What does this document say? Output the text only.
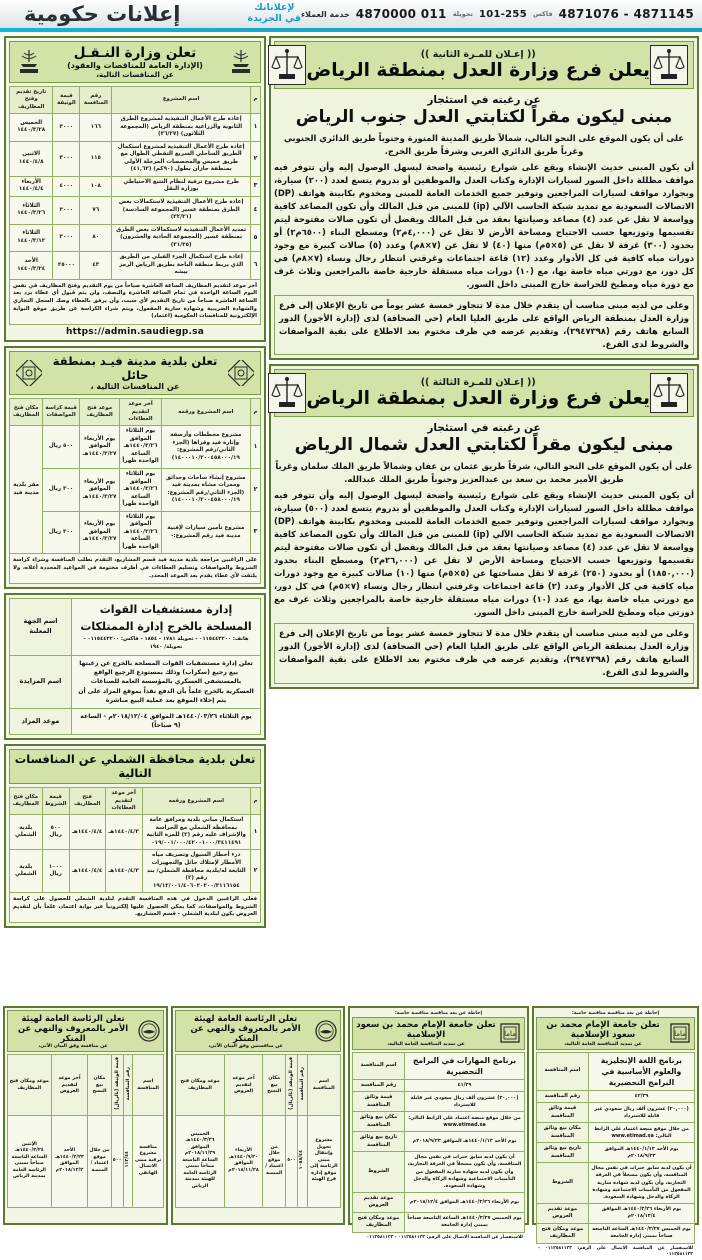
4871145 - 4871076
فاكس
101-255
تحويلة
011 4870000
خدمة العملاء
لإعلاناتك
في الجريدة
إعلانات حكومية
(( إعـلان للمـرة الثانية ))
يعلن فرع وزارة العدل بمنطقة الرياض
عن رغبته في استئجار
مبنى ليكون مقراً لكتابتي العدل جنوب الرياض

على أن يكون الموقع على النحو التالي، شمالاً طريق المدينة المنورة وجنوباً طريق الدائري الجنوبي وغرباً طريق الدائري الغربي وشرقاً طريق الخرج.

أن يكون المبنى حديث الإنشاء ويقع على شوارع رئيسية واضحة ليسهل الوصول إليه وأن تتوفر فيه مواقف مظللة داخل السور لسيارات الإدارة وكتاب العدل والموظفين أو بدروم يتسع لعدد (٢٠٠) سيارة، وبجوارد مواقف لسيارات المراجعين وتوفير جميع الخدمات العامة للمبنى ومخدوم بكابينة هواتف (DP) الاتصالات السعودية مع تمديد شبكة الحاسب الآلي (ip) للمبنى من قبل المالك وأن تكون المصاعد كافية وواسعة لا تقل عن عدد (٤) مصاعد وصيانتها بعقد من قبل المالك ويفضل أن تكون صالات مفتوحة ليتم تقسيمها وتوزيعها حسب الاحتياج ومساحة الأرض لا تقل عن (٤,٠٠٠م٢) ومسطح البناء (٦٥٠٠م٢) أو بحدود (٣٠٠) غرفة لا تقل عن (٥×٥م) منها (٤٠) لا تقل عن (٧×٨م) وعدد (٥) صالات كبيرة مع وجود دورات مياه كافية في كل الأدوار وعدد (١٢) قاعة اجتماعات وغرفتي انتظار رجال ونساء (٧×٨م) في كل دور، مع دورتي مياه خاصة بها، مع (١٠) دورات مياه مستقلة خارجية خاصة بالمراجعين وثلاث غرف مع دورة مياه ومطبخ للحراسة خارج المبنى داخل السور.

وعلى من لديه مبنى مناسب أن يتقدم خلال مدة لا تتجاوز خمسة عشر يوماً من تاريخ الإعلان إلى فرع وزارة العدل بمنطقة الرياض الواقع على طريق العليا العام (حي الصحافة) لدى (إدارة الأجور) الدور السابع هاتف رقم (٢٩٤٧٣٩٨)، وتقديم عرضه في ظرف مختوم بعد الاطلاع على بقية المواصفات والشروط لدى الفرع.
(( إعـلان للمـرة الثالثة ))
يعلن فرع وزارة العدل بمنطقة الرياض
عن رغبته في استئجار
مبنى ليكون مقراً لكتابتي العدل شمال الرياض

على أن يكون الموقع على النحو التالي، شرقاً طريق عثمان بن عفان وشمالاً طريق الملك سلمان وغرباً طريق الأمير محمد بن سعد بن عبدالعزيز وجنوباً طريق الملك عبدالله.

أن يكون المبنى حديث الإنشاء ويقع على شوارع رئيسية واضحة ليسهل الوصول إليه وأن تتوفر فيه مواقف مظللة داخل السور لسيارات الإدارة وكتاب العدل والموظفين أو بدروم يتسع لعدد (٥٠٠) سيارة، وبجوارد مواقف لسيارات المراجعين وتوفير جميع الخدمات العامة للمبنى ومخدوم بكابينة هواتف (DP) الاتصالات السعودية مع تمديد شبكة الحاسب الآلي (ip) للمبنى من قبل المالك وأن تكون المصاعد كافية وواسعة لا تقل عن عدد (٤) مصاعد وصيانتها بعقد من قبل المالك ويفضل أن تكون صالات مفتوحة ليتم تقسيمها وتوزيعها حسب الاحتياج ومساحة الأرض لا تقل عن (٢٦,٠٠٠م٢) ومسطح البناء بحدود (١٨٥٠,٠٠٠) أو بحدود (٢٥٠) غرفة لا تقل مساحتها عن (٥×٥م) منها (١٠) صالات كبيرة مع وجود دورات مياه كافية في كل الأدوار وعدد (٢) قاعة اجتماعات وغرفتي انتظار رجال ونساء (٧×٥م) في كل دور، مع دورتي مياه خاصة بها، مع عدد (١٠) دورات مياه مستقلة خارجية خاصة بالمراجعين وثلاث غرف مع دورتي مياه ومطبخ للحراسة خارج المبنى داخل السور.

وعلى من لديه مبنى مناسب أن يتقدم خلال مدة لا تتجاوز خمسة عشر يوماً من تاريخ الإعلان إلى فرع وزارة العدل بمنطقة الرياض الواقع على طريق العليا العام (حي الصحافة) لدى (إدارة الأجور) الدور السابع هاتف رقم (٢٩٤٧٣٩٨)، وتقديم عرضه في ظرف مختوم بعد الاطلاع على بقية المواصفات والشروط لدى الفرع.
تعلن وزارة النـقـل
(الإدارة العامة للمناقصات والعقود)
عن المنافسات التالية،
م	اسم المشروع	رقم المنافسة	قيمة الوثيقة	تاريخ تقديم وفتح المظاريف
١	إعادة طرح الأعمال التنفيذية لمشروع الطرق الثانوية والزراعية بمنطقة الرياض (المجموعة الثلاثون) (٣٦/٣٧)	١٦٦	٣٠٠٠	الخميس
١٤٤٠/٣/٢٨
٢	إعادة طرح الأعمال التنفيذية لمشروع استكمال الطريق الساحلي السريع التقطي الطوال مع طريق خميس والمخصصات المرحلة الأولى بمنطقة جازان بطول (٩٠كم) (٤١,٦٣)	١١٥	٣٠٠٠	الاثنين
١٤٤٠/٤/٨
٣	طرح مشروع ترقية لنظام التتبع الاحتياطي بوزارة النقل	١٠٨	٤٠٠٠	الأربعاء
١٤٤٠/٤/٤
٤	إعادة طرح الأعمال التنفيذية لاستكمالات بعض الطرق بمنطقة عسير (المجموعة السادسة) (٣٢/٣١)	٧٦	٣٠٠٠	الثلاثاء
١٤٤٠/٣/٢٦
٥	تمديد الأعمال التنفيذية لاستكمالات بعض الطرق بمنطقة عسير (المجموعة الحادية والعشرون) (٣١/٣٥)	٨٠	٣٠٠٠	الثلاثاء
١٤٤٠/٣/١٢
٦	إعادة طرح استكمال الجزء القبلي من الطريق الذي يربط منطقة الباحة بطريق الرياض الرمز بيشه	٤٣	٢٥٠٠٠	الأحد
١٤٤٠/٣/٢٤
آخر موعد لتقديم المظاريف الساعة العاشرة صباحاً من يوم التقديم وفتح المظاريف في نفس اليوم الساعة الواحدة في تمام الساعة العاشرة والنصف، ولن يتم قبول أي عطاء يرد بعد الساعة العاشرة صباحاً من تاريخ التقديم لأي سبب، وأن يرفق بالعطاء وصك السجل التجاري والشهادة الضريبية وشهادة سارية المفعول، ويتم شراء الكراسة عن طريق موقع البوابة الإلكترونية للمنافسات الحكومية (اعتماد)
https://admin.saudiegp.sa
تعلن بلدية مدينة فيـد بمنطقة حائل
عن المنافسات التالية ،
م	اسم المشروع ورقمه	آخر موعد لتقديم العطاءات	موعد فتح المظاريف	قيمة كراسة المواصفات	مكان فتح المظاريف
١	مشروع مخططات وأرصفة وإنارة فيد وقراها (الجزء الثاني/رقم المشروع: ١٤٠٠٠١٠/٢٠٠٤٥٨٠٠٠/١٩)	يوم الثلاثاء
الموافق ١٤٤٠/٣/٢٦هـ
الساعة الواحدة ظهراً	يوم الأربعاء
الموافق ١٤٤٠/٣/٢٧هـ	٥٠٠ ريال	مقر بلدية مدينة فيد
٢	مشروع إنشاء ساحات وحدائق وممرات مشاة بمدينة فيد (الجزء الثاني/رقم المشروع: ١٤٠٠٠١٠/٢٠٠٤٥٨٠٠٠/١٩)	يوم الثلاثاء
الموافق ١٤٤٠/٣/٢٦هـ
الساعة الواحدة ظهراً	يوم الأربعاء
الموافق ١٤٤٠/٣/٢٧هـ	٣٠٠ ريال	
٣	مشروع تأمين سيارات لإفنية مدينة فيد رقم المشروع:-	يوم الثلاثاء
الموافق ١٤٤٠/٣/٢٦هـ
الساعة الواحدة ظهراً	يوم الأربعاء
الموافق ١٤٤٠/٣/٢٧هـ	٣٠٠ ريال	
على الراغبين مراجعة بلدية مدينة فيد قسم المشاريع، التقدم بطلب المنافسة وشراء كراسة الشروط والمواصفات وتسليم العطاءات في أظرف مختومة في المواعيد المحددة أعلاه، ولا يلتفت لأي عطاء يقدم بعد الموعد المحدد.
إدارة مستشفيات القوات المسلحة بالخرج إدارة الممتلكات
هاتف: ٠١١٥٤٤٣٢٠٠ - تحويلة ١٧٨١ - ١٨٥٤ - فاكس: ٠١١٥٤٤٣٢٠٠ - تحويلة/ ١٩٤٠	اسم الجهة المعلنة
تعلن إدارة مستشفيات القوات المسلحة بالخرج عن رغبتها بيع رجيع (سكراب) وذلك بمستودع الرجيع الواقع بالمستشفى العسكري بالمؤسسة العامة للصناعات العسكرية بالخرج علماً بأن الدفع نقداً بموقع المزاد على أن يتم إخلاء الموقع بعد عملية البيع مباشرة	اسم المزايدة
يوم الثلاثاء ١٤٤٠/٠٣/٢٦هـ الموافق ٢٠١٨/١٢/٠٤م - الساعة (٩ صباحاً)	موعد المزاد
تعلن بلدية محافظة الشملي عن المنافسات التالية
م	اسم المشروع ورقمه	آخر موعد لتقديم العطاءات	فتح المظاريف	قيمة الشروط	مكان فتح المظاريف
١	استكمال مباني بلدية ومرافق عامة بمحافظة الشملي مع الحراسة والإشراف عليه رقم (٢) للمرة الثانية ٠١٩/٠٠١/٠٠٠/٤٢٠٠١٠٠٠/٣٤١١٤٩١	١٤٤٠/٤/٣هـ	١٤٤٠/٤/٤هـ	٥٠٠ ريال	بلدية الشملي
٢	درء أخطار السيول وتصريف مياه الأمطار لإمتلاك حائل والتجهيزات التابعة له/بلدية محافظة الشملي/ بند رقم (٢) ١٩/١٢/٠٠١/٤٠٦٠٢٠٢٠٠/٣١١٦١٥٤	١٤٤٠/٤/٣هـ	١٤٤٠/٤/٤هـ	١٠٠٠ ريال	بلدية الشملي
فعلى الراغبين الدخول في هذه المنافسة التقدم لبلدية الشملي للحصول على كراسة الشروط والمواصفات، كما يمكن الحصول عليها إلكترونياً عبر بوابة اعتماد، علماً بأن لتقديم العروض يكون لبلدية الشملي - قسم المشاريع.
إحاطة عن بعد مناقصة مناقصة خاصة:
ماما
تعلن جامعة الإمام محمد بن سعود الإسلامية
عن تمديد المنافسة العامة التالية،
برنامج اللغة الإنجليزية والعلوم الأساسية في البرامج التحضيرية	اسم المنافسة
٤٢/٣٩	رقم المنافسة
(٢٠,٠٠٠) عشرون ألف ريال سعودي غير قابلة للاسترداد	قيمة وثائق المنافسة
من خلال موقع منصة اعتماد على الرابط التالي: www.etimad.sa	مكان بيع وثائق المنافسة
يوم الأحد ١٤٤٠/١/١٣هـ الموافق ٢٠١٨/٩/٢٣م	تاريخ بيع وثائق المنافسة
أن يكون لديه سابق خبرات في نفس مجال المنافسة، وأن يكون مسجلاً في الغرفة التجارية، وأن يكون لديه شهادة سارية المفعول من التأمينات الاجتماعية وشهادة الزكاة والدخل وشهادة السعودة.	الشروط
يوم الأربعاء ١٤٤٠/٣/٢٦هـ الموافق ٢٠١٨/١٢/٤م	موعد تقديم العروض
يوم الخميس ١٤٤٠/٣/٢٧هـ الساعة التاسعة صباحاً بمبنى إدارة الجامعة	موعد ومكان فتح المظاريف
للاستفسار عن المنافسة الاتصال على الرقم: ٠١١٢٥٨١١٣٣ - ٠١١٢٥٨١١٣٣
إحاطة عن بعد مناقصة مناقصة خاصة:
ماما
تعلن جامعة الإمام محمد بن سعود الإسلامية
عن تمديد المنافسة العامة التالية،
برنامج المهارات في البرامج التحضيرية	اسم المنافسة
٤١/٣٩	رقم المنافسة
(٢٠,٠٠٠) عشرون ألف ريال سعودي غير قابلة للاسترداد	قيمة وثائق المنافسة
من خلال موقع منصة اعتماد على الرابط التالي: www.etimad.sa	مكان بيع وثائق المنافسة
يوم الأحد ١٤٤٠/١/١٣هـ الموافق ٢٠١٨/٩/٢٣م	تاريخ بيع وثائق المنافسة
أن يكون لديه سابق خبرات في نفس مجال المنافسة، وأن يكون مسجلاً في الغرفة التجارية، وأن يكون لديه شهادة سارية المفعول من التأمينات الاجتماعية وشهادة الزكاة والدخل وشهادة السعودة.	الشروط
يوم الأربعاء ١٤٤٠/٣/٢٦هـ الموافق ٢٠١٨/١٢/٤م	موعد تقديم العروض
يوم الخميس ١٤٤٠/٣/٢٧هـ الساعة التاسعة صباحاً بمبنى إدارة الجامعة	موعد ومكان فتح المظاريف
للاستفسار عن المنافسة الاتصال على الرقم: ٠١١٢٥٨١١٣٣ - ٠١١٢٥٨١١٣٣
تعلن الرئاسة العامة لهيئة
الأمر بالمعروف والنهي عن المنكر
عن مناقستين وفق البيان الآتي،
اسم المنافسة	رقم المنافسة	قيمة الوثيقة (بالريال)	مكان بيع النسخ	آخر موعد لتقديم العروض	موعد ومكان فتح المظاريف
مشروع تحويل وإنتقال مبنى الرئاسة إلى موقع إدارة فرع الهيئة	١٠٥٨/٤٤	٥٠٠	من خلال موقع اعتماد / المنصة	الأربعاء ١٤٤٠/٩/٢٠هـ الموافق ٢٠١٨/١١/٢٨م	الخميس ١٤٤٠/٣/٢٦هـ الموافق ٢٠١٨/١١/٢٩م الساعة التاسعة صباحاً بمبنى الرئاسة العامة للهيئة بمدينة الرياض
تعلن الرئاسة العامة لهيئة
الأمر بالمعروف والنهي عن المنكر
عن منافسة وفق البيان الآتي،
اسم المنافسة	رقم المنافسة	قيمة الوثيقة (بالريال)	مكان بيع النسخ	آخر موعد لتقديم العروض	موعد ومكان فتح المظاريف
منافسة مشروع ترقية مبنى الاتصال الهاتفي	١١٣/٤٤	٥٠٠	من خلال موقع اعتماد / المنصة	الأحد ١٤٤٠/٣/٢٣هـ الموافق ٢٠١٨/١٢/٢م	الإثنين ١٤٤٠/٣/٢٤هـ الساعة التاسعة صباحاً بمبنى الرئاسة العامة بمدينة الرياض
